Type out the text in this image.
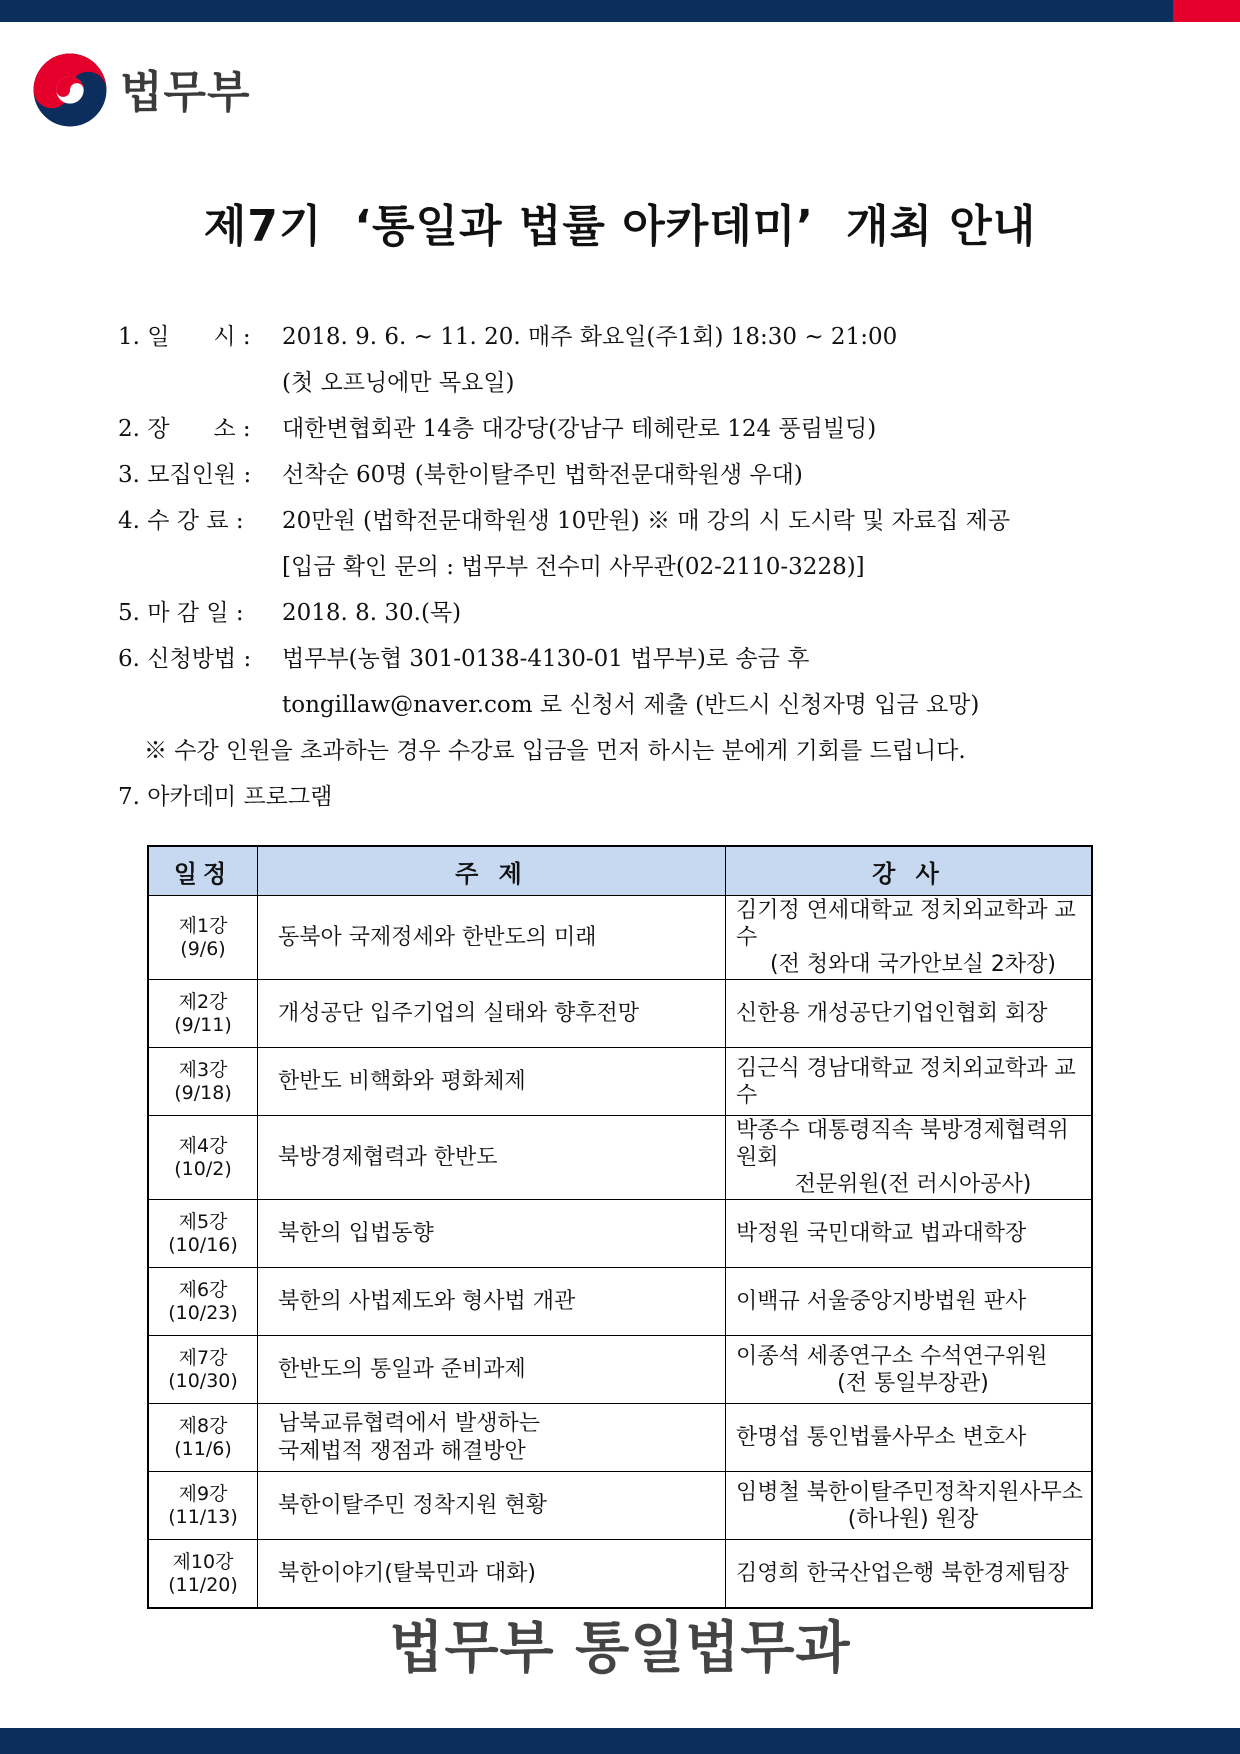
법무부
제7기 ‘통일과 법률 아카데미’ 개최 안내
1. 일      시 : 2018. 9. 6. ~ 11. 20. 매주 화요일(주1회) 18:30 ~ 21:00
(첫 오프닝에만 목요일)
2. 장      소 : 대한변협회관 14층 대강당(강남구 테헤란로 124 풍림빌딩)
3. 모집인원 : 선착순 60명 (북한이탈주민 법학전문대학원생 우대)
4. 수 강 료 : 20만원 (법학전문대학원생 10만원) ※ 매 강의 시 도시락 및 자료집 제공
[입금 확인 문의 : 법무부 전수미 사무관(02-2110-3228)]
5. 마 감 일 : 2018. 8. 30.(목)
6. 신청방법 : 법무부(농협 301-0138-4130-01 법무부)로 송금 후
tongillaw@naver.com 로 신청서 제출 (반드시 신청자명 입금 요망)
※ 수강 인원을 초과하는 경우 수강료 입금을 먼저 하시는 분에게 기회를 드립니다.
7. 아카데미 프로그램
일정	주 제	강 사
제1강
(9/6)	동북아 국제정세와 한반도의 미래	김기정 연세대학교 정치외교학과 교수
(전 청와대 국가안보실 2차장)

제2강
(9/11)	개성공단 입주기업의 실태와 향후전망	신한용 개성공단기업인협회 회장
제3강
(9/18)	한반도 비핵화와 평화체제	김근식 경남대학교 정치외교학과 교수
제4강
(10/2)	북방경제협력과 한반도	박종수 대통령직속 북방경제협력위원회
전문위원(전 러시아공사)

제5강
(10/16)	북한의 입법동향	박정원 국민대학교 법과대학장
제6강
(10/23)	북한의 사법제도와 형사법 개관	이백규 서울중앙지방법원 판사
제7강
(10/30)	한반도의 통일과 준비과제	이종석 세종연구소 수석연구위원
(전 통일부장관)

제8강
(11/6)	남북교류협력에서 발생하는
국제법적 쟁점과 해결방안	한명섭 통인법률사무소 변호사
제9강
(11/13)	북한이탈주민 정착지원 현황	임병철 북한이탈주민정착지원사무소
(하나원) 원장

제10강
(11/20)	북한이야기(탈북민과 대화)	김영희 한국산업은행 북한경제팀장
법무부 통일법무과
